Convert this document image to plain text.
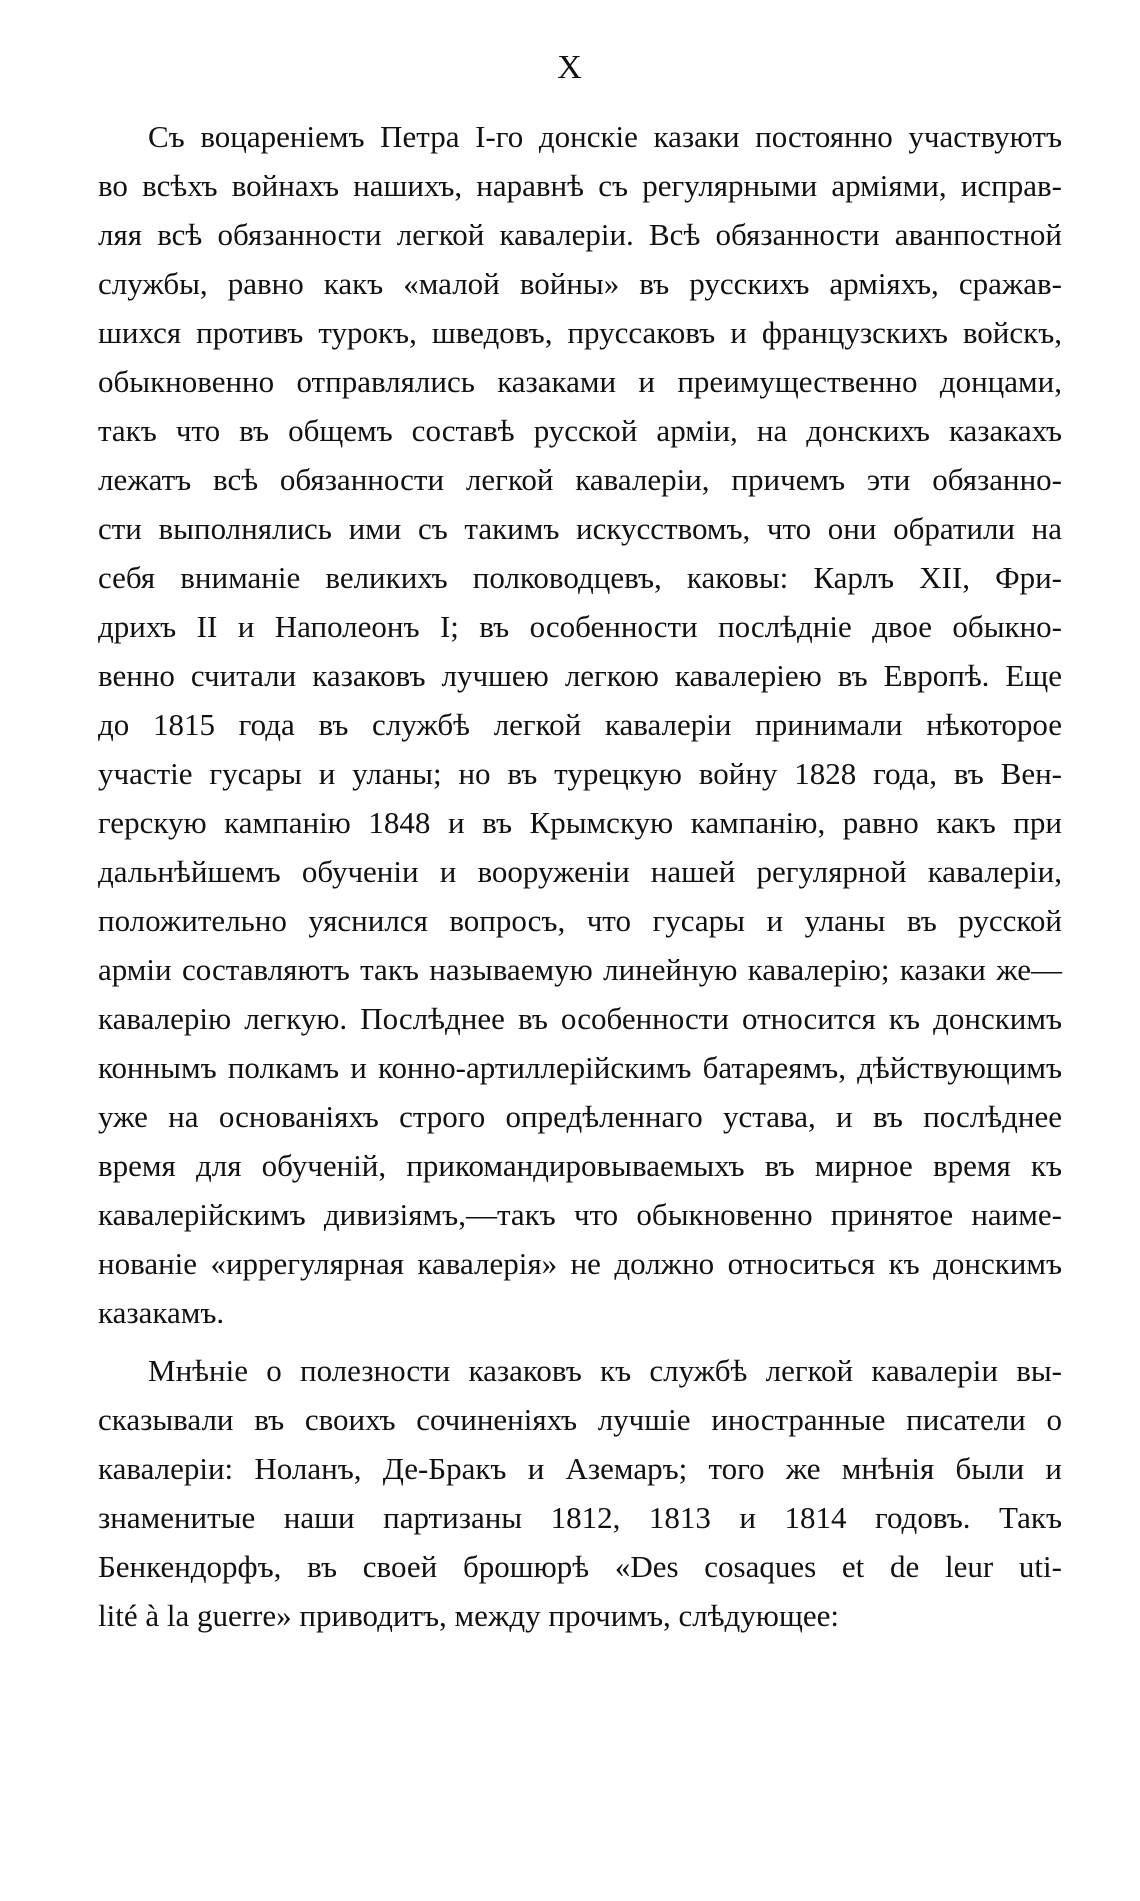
X
Съ воцареніемъ Петра І-го донскіе казаки постоянно участвуютъ
во всѣхъ войнахъ нашихъ, наравнѣ съ регулярными арміями, исправ-
ляя всѣ обязанности легкой кавалеріи. Всѣ обязанности аванпостной
службы, равно какъ «малой войны» въ русскихъ арміяхъ, сражав-
шихся противъ турокъ, шведовъ, пруссаковъ и французскихъ войскъ,
обыкновенно отправлялись казаками и преимущественно донцами,
такъ что въ общемъ составѣ русской арміи, на донскихъ казакахъ
лежатъ всѣ обязанности легкой кавалеріи, причемъ эти обязанно-
сти выполнялись ими съ такимъ искусствомъ, что они обратили на
себя вниманіе великихъ полководцевъ, каковы: Карлъ XII, Фри-
дрихъ II и Наполеонъ I; въ особенности послѣдніе двое обыкно-
венно считали казаковъ лучшею легкою кавалеріею въ Европѣ. Еще
до 1815 года въ службѣ легкой кавалеріи принимали нѣкоторое
участіе гусары и уланы; но въ турецкую войну 1828 года, въ Вен-
герскую кампанію 1848 и въ Крымскую кампанію, равно какъ при
дальнѣйшемъ обученіи и вооруженіи нашей регулярной кавалеріи,
положительно уяснился вопросъ, что гусары и уланы въ русской
арміи составляютъ такъ называемую линейную кавалерію; казаки же—
кавалерію легкую. Послѣднее въ особенности относится къ донскимъ
коннымъ полкамъ и конно-артиллерійскимъ батареямъ, дѣйствующимъ
уже на основаніяхъ строго опредѣленнаго устава, и въ послѣднее
время для обученій, прикомандировываемыхъ въ мирное время къ
кавалерійскимъ дивизіямъ,—такъ что обыкновенно принятое наиме-
нованіе «иррегулярная кавалерія» не должно относиться къ донскимъ
казакамъ.
Мнѣніе о полезности казаковъ къ службѣ легкой кавалеріи вы-
сказывали въ своихъ сочиненіяхъ лучшіе иностранные писатели о
кавалеріи: Ноланъ, Де-Бракъ и Аземаръ; того же мнѣнія были и
знаменитые наши партизаны 1812, 1813 и 1814 годовъ. Такъ
Бенкендорфъ, въ своей брошюрѣ «Des cosaques et de leur uti-
lité à la guerre» приводитъ, между прочимъ, слѣдующее:
